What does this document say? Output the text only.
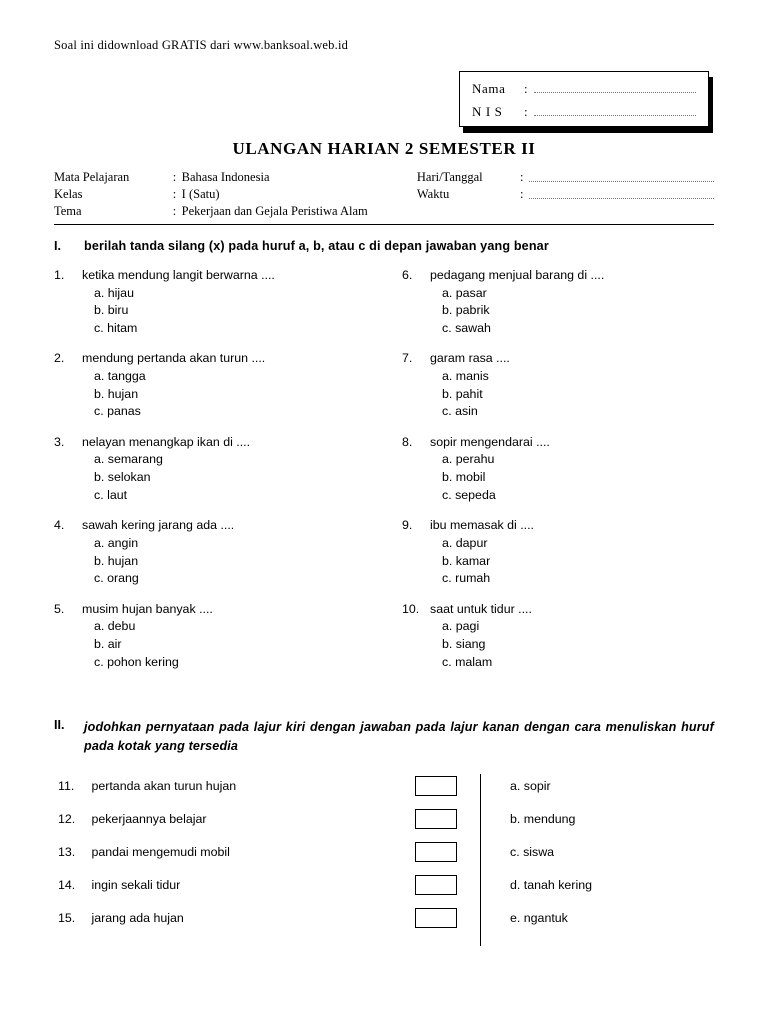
Soal ini didownload GRATIS dari www.banksoal.web.id
Nama	:
N I S	:
ULANGAN HARIAN 2 SEMESTER II
Mata Pelajaran	:	Bahasa Indonesia	Hari/Tanggal	:	

Kelas	:	I (Satu)	Waktu	:	

Tema	:	Pekerjaan dan Gejala Peristiwa Alam			
I.	berilah tanda silang (x) pada huruf a, b, atau c di depan jawaban yang benar
1.	ketika mendung langit berwarna ....
a. hijau
b. biru
c. hitam
2.	mendung pertanda akan turun ....
a. tangga
b. hujan
c. panas
3.	nelayan menangkap ikan di ....
a. semarang
b. selokan
c. laut
4.	sawah kering jarang ada ....
a. angin
b. hujan
c. orang
5.	musim hujan banyak ....
a. debu
b. air
c. pohon kering
6.	pedagang menjual barang di ....
a. pasar
b. pabrik
c. sawah
7.	garam rasa ....
a. manis
b. pahit
c. asin
8.	sopir mengendarai ....
a. perahu
b. mobil
c. sepeda
9.	ibu memasak di ....
a. dapur
b. kamar
c. rumah
10. saat untuk tidur ....
a. pagi
b. siang
c. malam
II.	jodohkan pernyataan pada lajur kiri dengan jawaban pada lajur kanan dengan cara menuliskan huruf pada kotak yang tersedia
11. pertanda akan turun hujan	a. sopir
12. pekerjaannya belajar	b. mendung
13. pandai mengemudi mobil	c. siswa
14. ingin sekali tidur	d. tanah kering
15. jarang ada hujan	e. ngantuk
